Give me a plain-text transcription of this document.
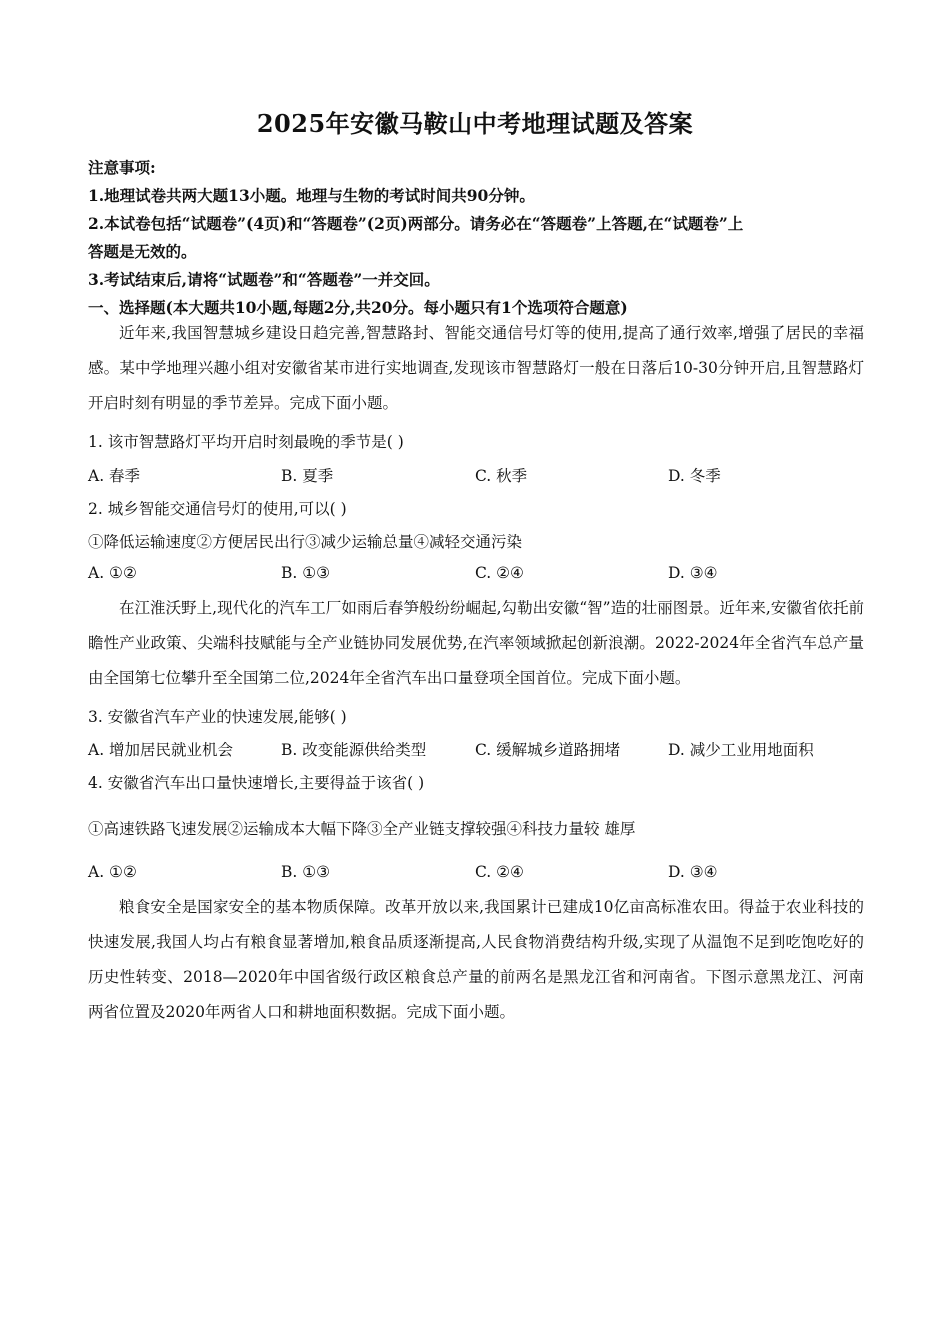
2025年安徽马鞍山中考地理试题及答案
注意事项:
1.地理试卷共两大题13小题。地理与生物的考试时间共90分钟。
2.本试卷包括“试题卷”(4页)和“答题卷”(2页)两部分。请务必在“答题卷”上答题,在“试题卷”上
答题是无效的。
3.考试结束后,请将“试题卷”和“答题卷”一并交回。
一、选择题(本大题共10小题,每题2分,共20分。每小题只有1个选项符合题意)
近年来,我国智慧城乡建设日趋完善,智慧路封、智能交通信号灯等的使用,提高了通行效率,增强了居民的幸福感。某中学地理兴趣小组对安徽省某市进行实地调查,发现该市智慧路灯一般在日落后10-30分钟开启,且智慧路灯开启时刻有明显的季节差异。完成下面小题。
1. 该市智慧路灯平均开启时刻最晚的季节是( )
A. 春季	B. 夏季	C. 秋季	D. 冬季
2. 城乡智能交通信号灯的使用,可以( )
①降低运输速度②方便居民出行③减少运输总量④减轻交通污染
A. ①②	B. ①③	C. ②④	D. ③④
在江淮沃野上,现代化的汽车工厂如雨后春笋般纷纷崛起,勾勒出安徽“智”造的壮丽图景。近年来,安徽省依托前瞻性产业政策、尖端科技赋能与全产业链协同发展优势,在汽率领域掀起创新浪潮。2022-2024年全省汽车总产量由全国第七位攀升至全国第二位,2024年全省汽车出口量登项全国首位。完成下面小题。
3. 安徽省汽车产业的快速发展,能够( )
A. 增加居民就业机会	B. 改变能源供给类型	C. 缓解城乡道路拥堵	D. 减少工业用地面积
4. 安徽省汽车出口量快速增长,主要得益于该省( )
①高速铁路飞速发展②运输成本大幅下降③全产业链支撑较强④科技力量较 雄厚
A. ①②	B. ①③	C. ②④	D. ③④
粮食安全是国家安全的基本物质保障。改革开放以来,我国累计已建成10亿亩高标准农田。得益于农业科技的快速发展,我国人均占有粮食显著增加,粮食品质逐渐提高,人民食物消费结构升级,实现了从温饱不足到吃饱吃好的历史性转变、2018—2020年中国省级行政区粮食总产量的前两名是黑龙江省和河南省。下图示意黑龙江、河南两省位置及2020年两省人口和耕地面积数据。完成下面小题。
